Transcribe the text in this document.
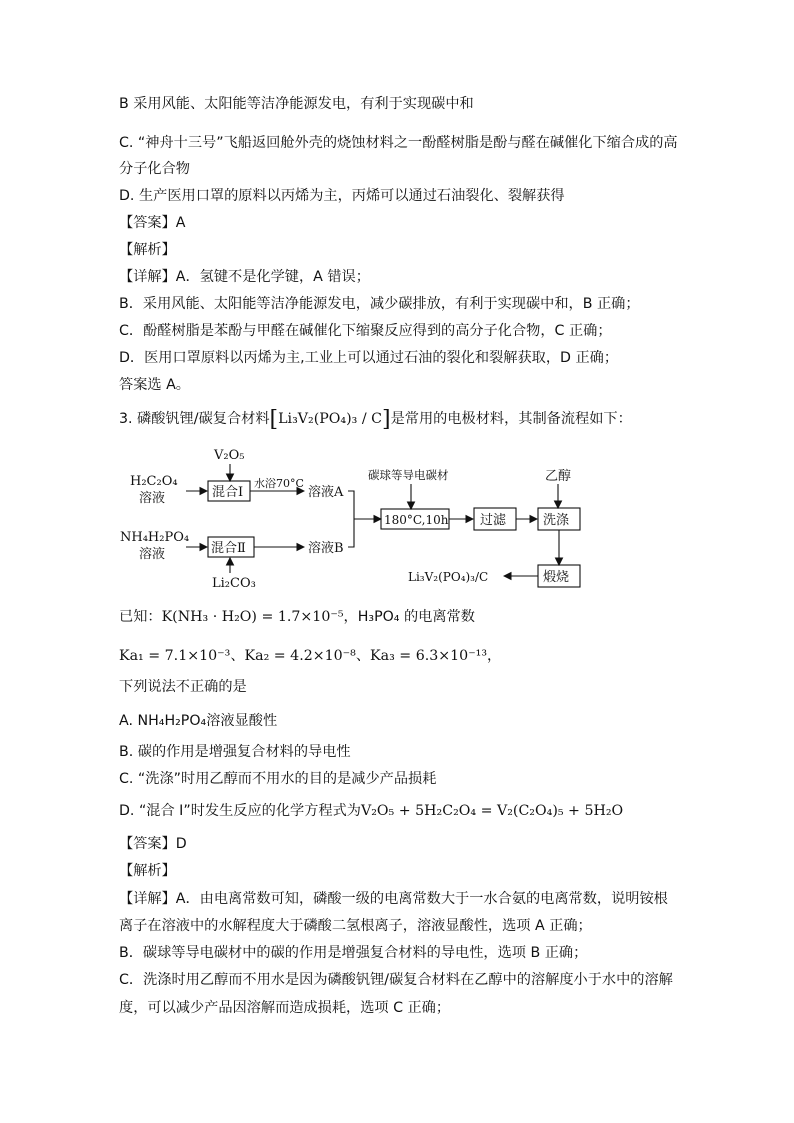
B 采用风能、太阳能等洁净能源发电，有利于实现碳中和
C. “神舟十三号”飞船返回舱外壳的烧蚀材料之一酚醛树脂是酚与醛在碱催化下缩合成的高
分子化合物
D. 生产医用口罩的原料以丙烯为主，丙烯可以通过石油裂化、裂解获得
【答案】A
【解析】
【详解】A．氢键不是化学键，A 错误；
B．采用风能、太阳能等洁净能源发电，减少碳排放，有利于实现碳中和，B 正确；
C．酚醛树脂是苯酚与甲醛在碱催化下缩聚反应得到的高分子化合物，C 正确；
D．医用口罩原料以丙烯为主,工业上可以通过石油的裂化和裂解获取，D 正确；
答案选 A。
3. 磷酸钒锂/碳复合材料[Li₃V₂(PO₄)₃ / C]是常用的电极材料，其制备流程如下：
H₂C₂O₄
溶液
V₂O₅
混合Ⅰ
水浴70°C
溶液A
NH₄H₂PO₄
溶液	混合Ⅱ
Li₂CO₃
溶液B
碳球等导电碳材
180°C,10h 过滤
乙醇
洗涤
煅烧
Li₃V₂(PO₄)₃/C
已知：K(NH₃ · H₂O) = 1.7×10⁻⁵，H₃PO₄ 的电离常数
Ka₁ = 7.1×10⁻³、Ka₂ = 4.2×10⁻⁸、Ka₃ = 6.3×10⁻¹³，
下列说法不正确的是
A. NH₄H₂PO₄溶液显酸性
B. 碳的作用是增强复合材料的导电性
C. “洗涤”时用乙醇而不用水的目的是减少产品损耗
D. “混合 Ⅰ”时发生反应的化学方程式为V₂O₅ + 5H₂C₂O₄ = V₂(C₂O₄)₅ + 5H₂O
【答案】D
【解析】
【详解】A．由电离常数可知，磷酸一级的电离常数大于一水合氨的电离常数，说明铵根
离子在溶液中的水解程度大于磷酸二氢根离子，溶液显酸性，选项 A 正确；
B．碳球等导电碳材中的碳的作用是增强复合材料的导电性，选项 B 正确；
C．洗涤时用乙醇而不用水是因为磷酸钒锂/碳复合材料在乙醇中的溶解度小于水中的溶解
度，可以减少产品因溶解而造成损耗，选项 C 正确；
